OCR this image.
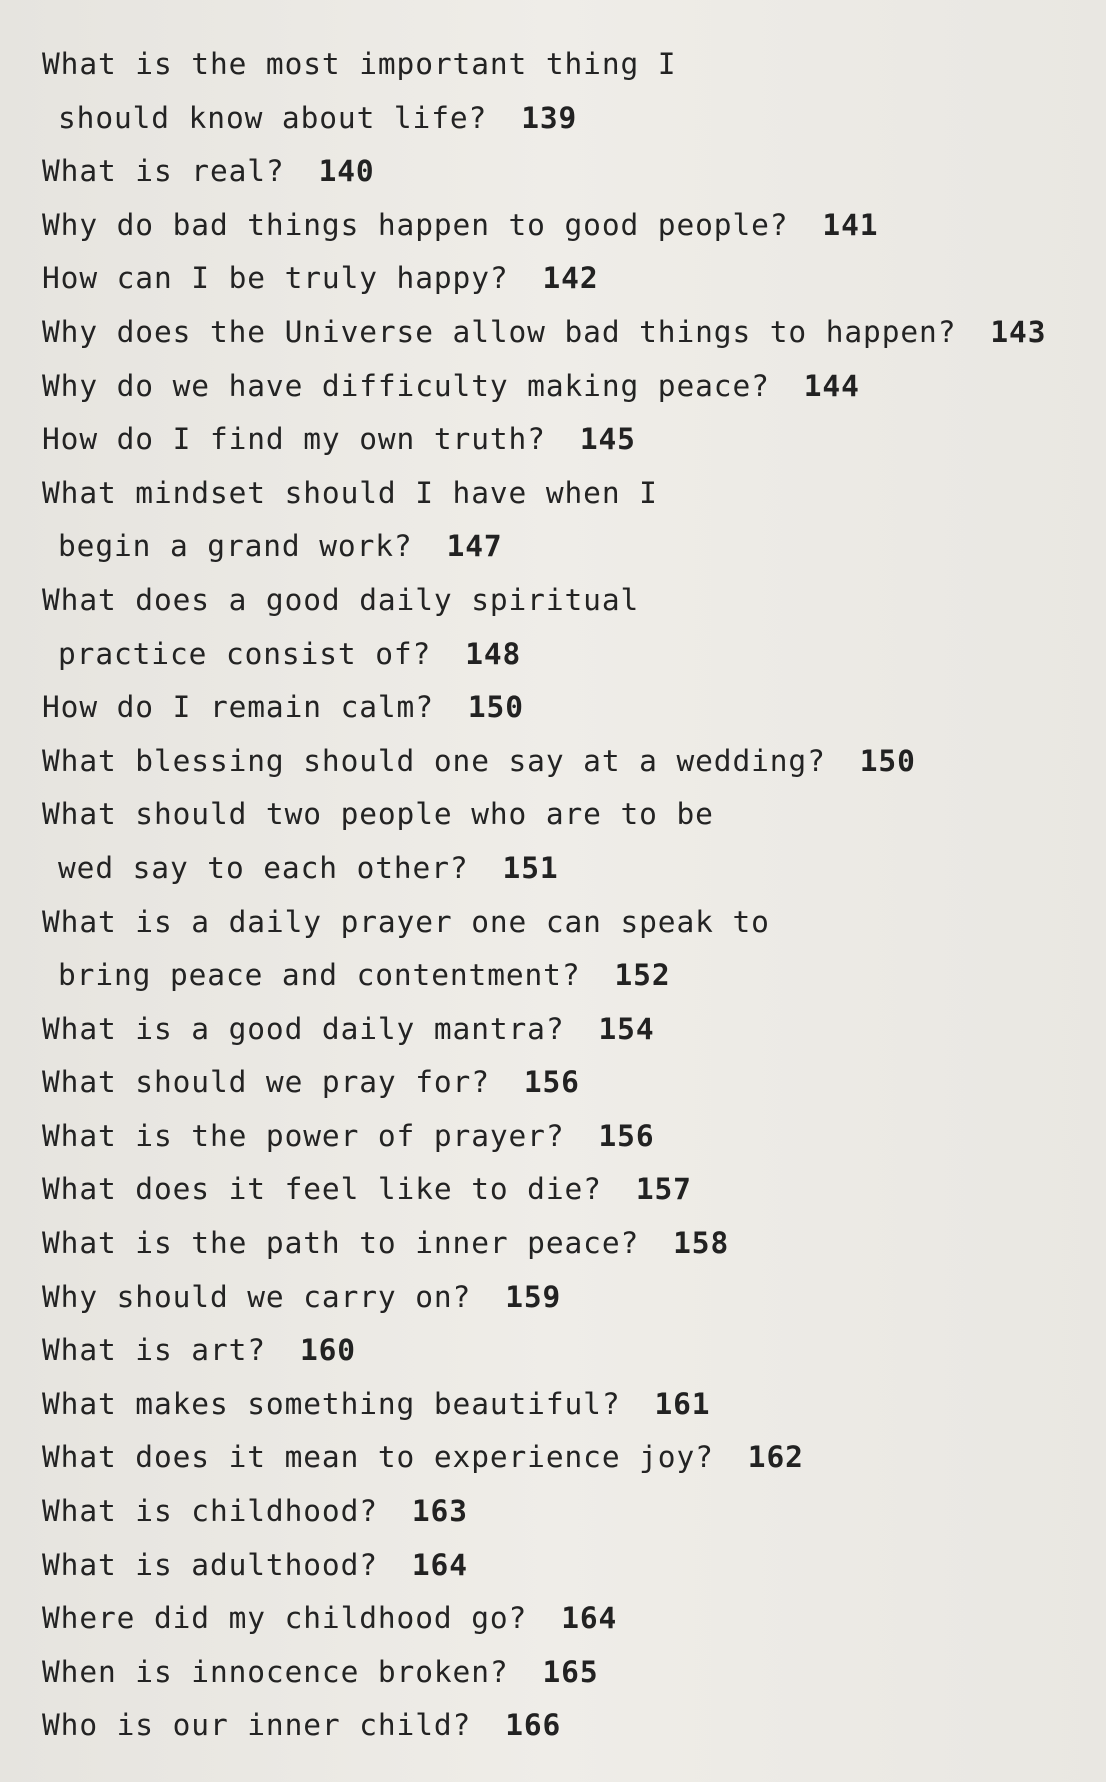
What is the most important thing I
should know about life? 139
What is real? 140
Why do bad things happen to good people? 141
How can I be truly happy? 142
Why does the Universe allow bad things to happen? 143
Why do we have difficulty making peace? 144
How do I find my own truth? 145
What mindset should I have when I
begin a grand work? 147
What does a good daily spiritual
practice consist of? 148
How do I remain calm? 150
What blessing should one say at a wedding? 150
What should two people who are to be
wed say to each other? 151
What is a daily prayer one can speak to
bring peace and contentment? 152
What is a good daily mantra? 154
What should we pray for? 156
What is the power of prayer? 156
What does it feel like to die? 157
What is the path to inner peace? 158
Why should we carry on? 159
What is art? 160
What makes something beautiful? 161
What does it mean to experience joy? 162
What is childhood? 163
What is adulthood? 164
Where did my childhood go? 164
When is innocence broken? 165
Who is our inner child? 166
